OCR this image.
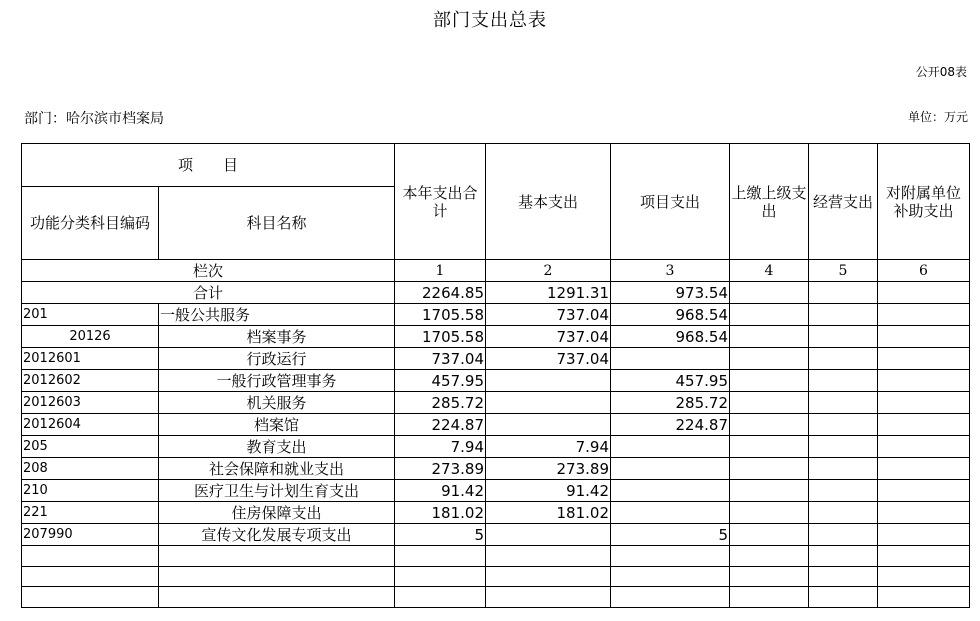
部门支出总表
公开08表
部门：哈尔滨市档案局	单位：万元
项　　目		本年支出合计	基本支出	项目支出	上缴上级支出	经营支出	对附属单位补助支出
功能分类科目编码	科目名称						
栏次		1	2	3	4	5	6
合计		2264.85	1291.31	973.54			
201	一般公共服务	1705.58	737.04	968.54			
20126	档案事务	1705.58	737.04	968.54			
2012601	行政运行	737.04	737.04				
2012602	一般行政管理事务	457.95		457.95			
2012603	机关服务	285.72		285.72			
2012604	档案馆	224.87		224.87			
205	教育支出	7.94	7.94				
208	社会保障和就业支出	273.89	273.89				
210	医疗卫生与计划生育支出	91.42	91.42				
221	住房保障支出	181.02	181.02				
207990	宣传文化发展专项支出	5		5			
